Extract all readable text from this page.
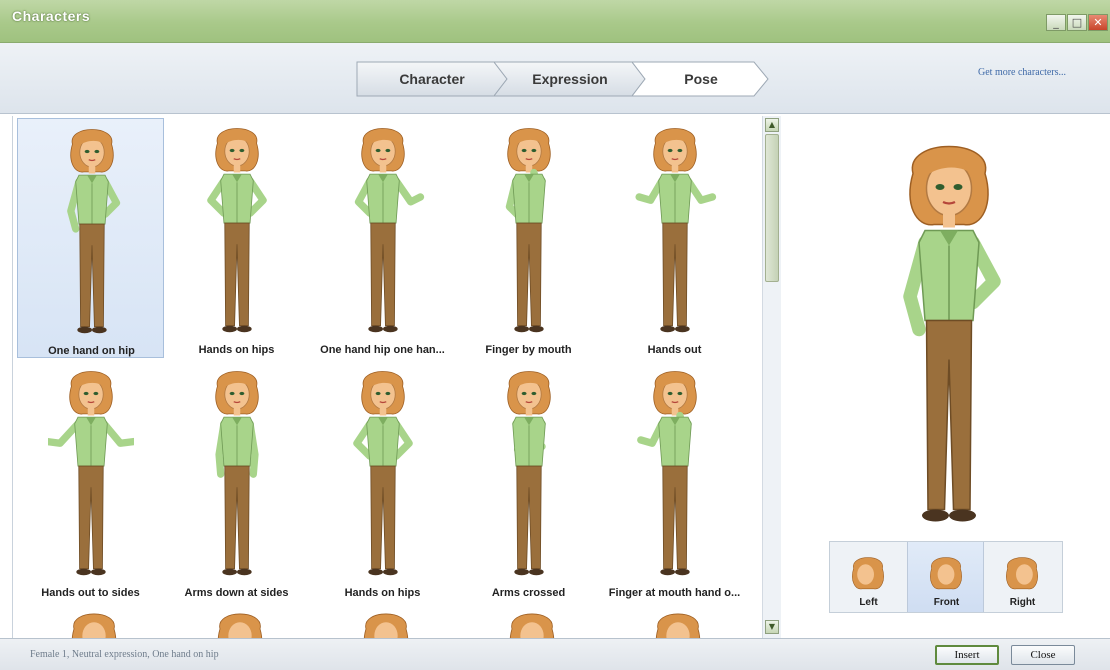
Characters	_	□	✕
Character	Expression	Pose	Get more characters...
One hand on hip	Hands on hips	One hand hip one han...	Finger by mouth	Hands out
Hands out to sides	Arms down at sides	Hands on hips	Arms crossed	Finger at mouth hand o...
▲
▼
Left	Front	Right
Female 1, Neutral expression, One hand on hip	Insert	Close
